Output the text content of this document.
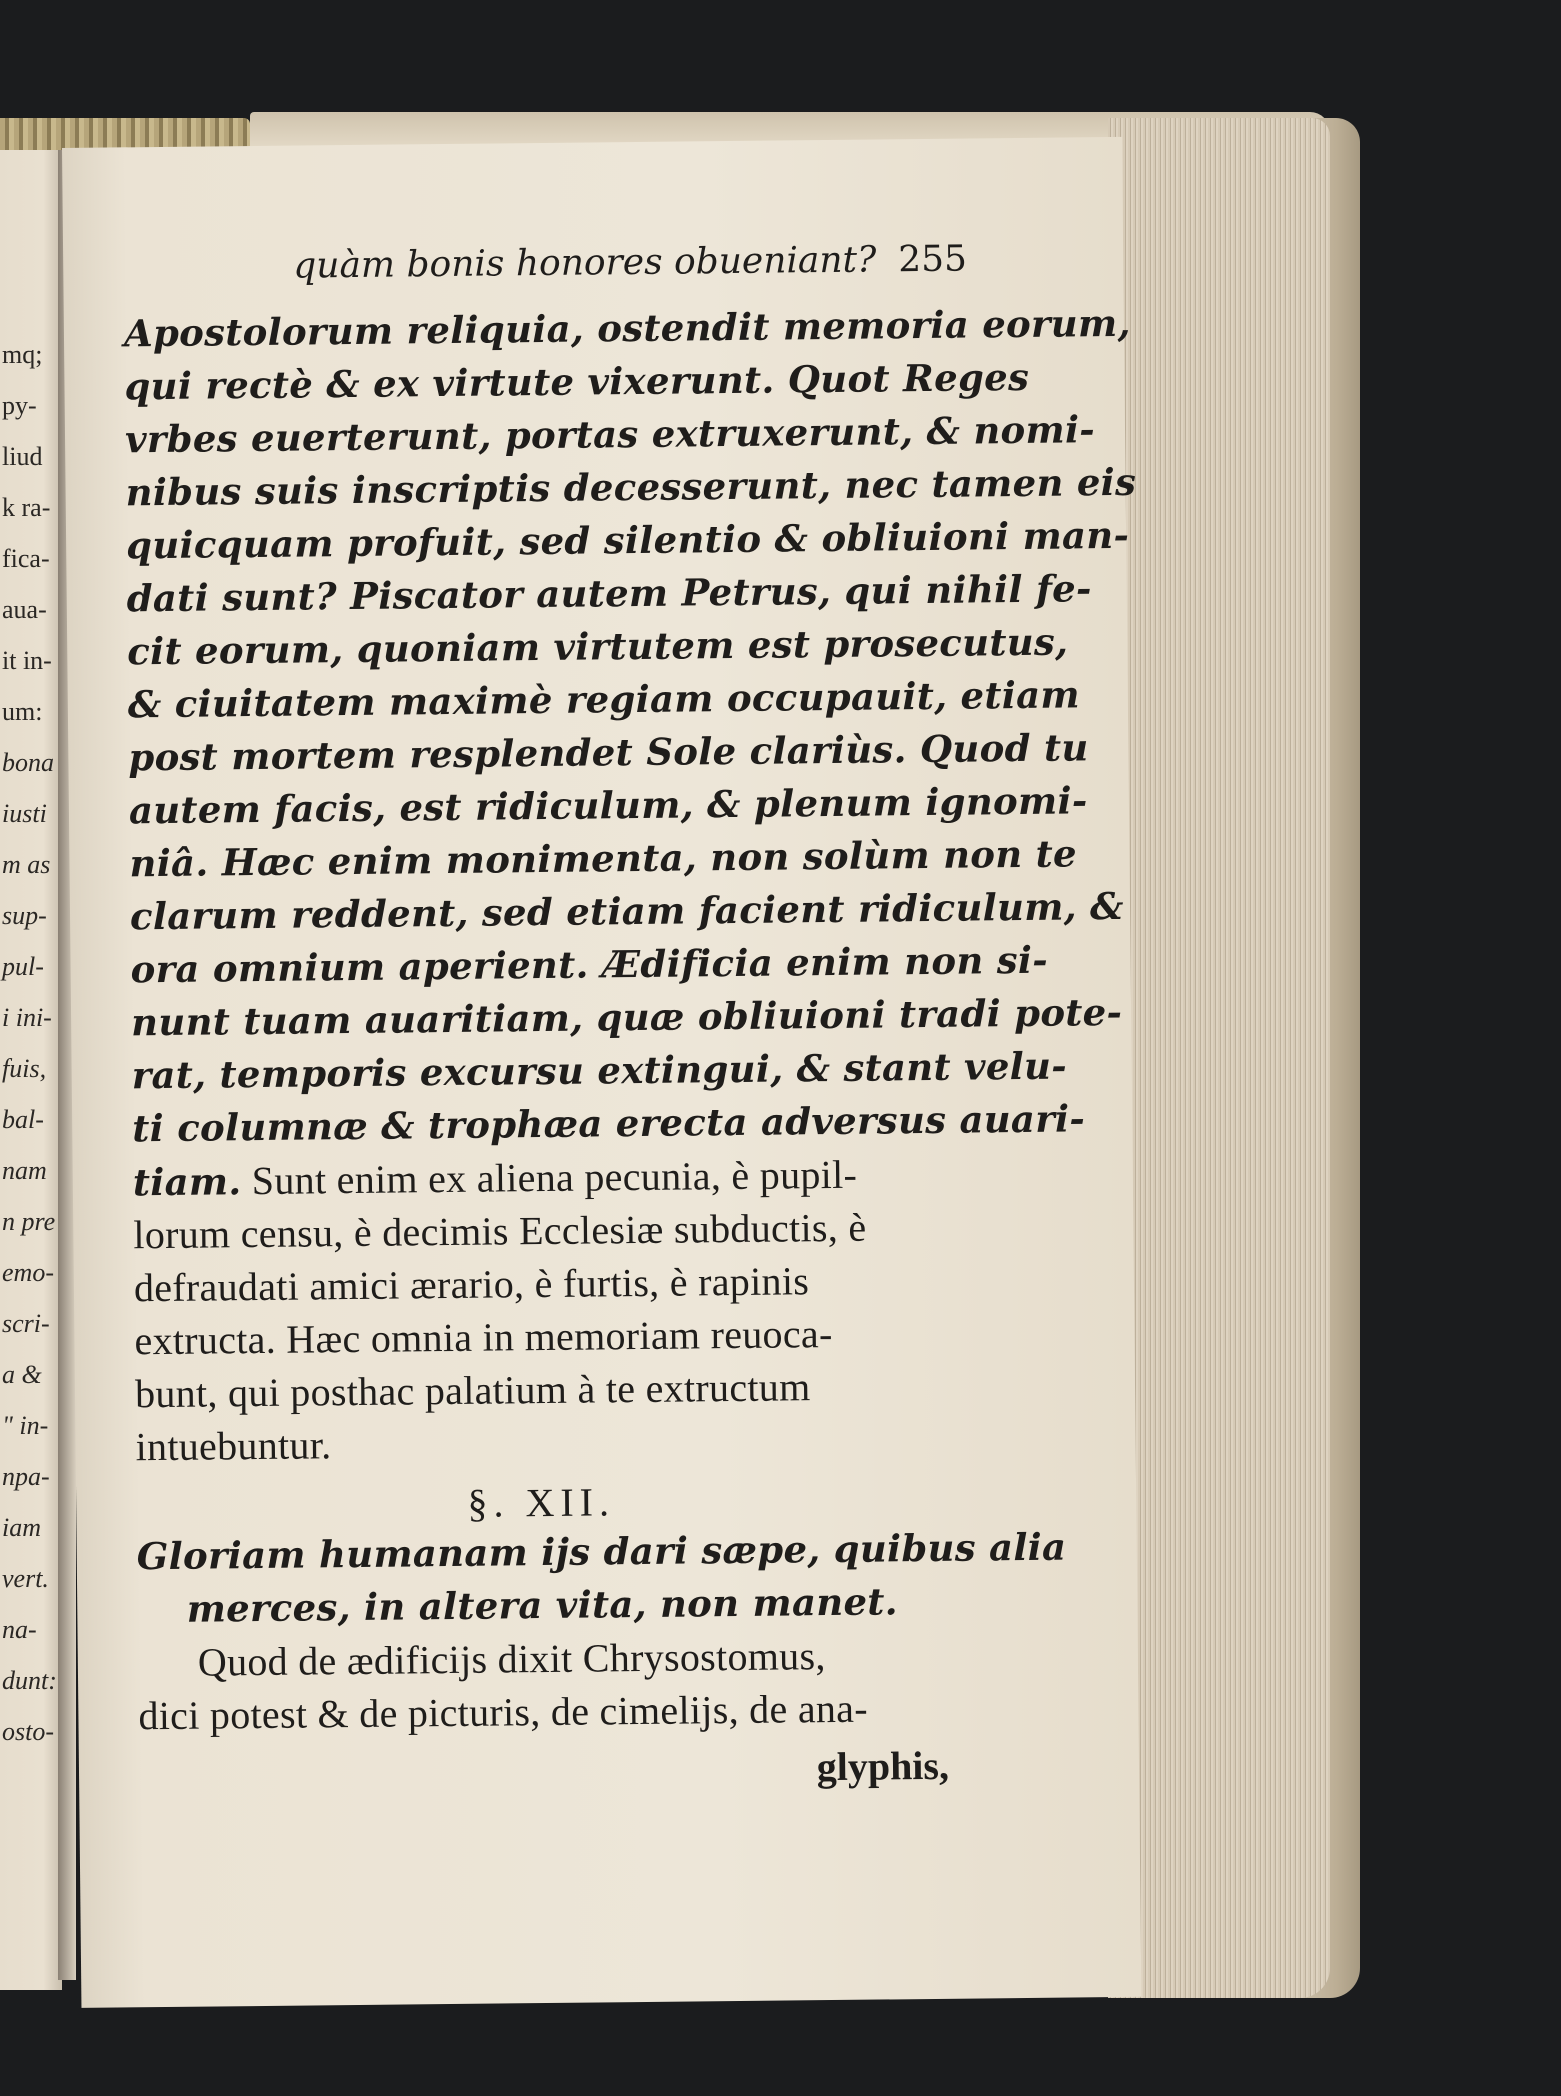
mq;
py-
liud
k ra-
fica-
aua-
it in-
um:
bona
iusti
m as
sup-
pul-
i ini-
fuis,
bal-
nam
n pre
emo-
scri-
a &
" in-
npa-
iam
vert.
na-
dunt:
osto-
quàm bonis honores obueniant? 255
Apostolorum reliquia, ostendit memoria eorum,
qui rectè & ex virtute vixerunt. Quot Reges
vrbes euerterunt, portas extruxerunt, & nomi-
nibus suis inscriptis decesserunt, nec tamen eis
quicquam profuit, sed silentio & obliuioni man-
dati sunt? Piscator autem Petrus, qui nihil fe-
cit eorum, quoniam virtutem est prosecutus,
& ciuitatem maximè regiam occupauit, etiam
post mortem resplendet Sole clariùs. Quod tu
autem facis, est ridiculum, & plenum ignomi-
niâ. Hæc enim monimenta, non solùm non te
clarum reddent, sed etiam facient ridiculum, &
ora omnium aperient. Ædificia enim non si-
nunt tuam auaritiam, quæ obliuioni tradi pote-
rat, temporis excursu extingui, & stant velu-
ti columnæ & trophæa erecta adversus auari-
tiam. Sunt enim ex aliena pecunia, è pupil-
lorum censu, è decimis Ecclesiæ subductis, è
defraudati amici ærario, è furtis, è rapinis
extructa. Hæc omnia in memoriam reuoca-
bunt, qui posthac palatium à te extructum
intuebuntur.
§. XII.
Gloriam humanam ijs dari sæpe, quibus alia
merces, in altera vita, non manet.
Quod de ædificijs dixit Chrysostomus,
dici potest & de picturis, de cimelijs, de ana-
glyphis,
